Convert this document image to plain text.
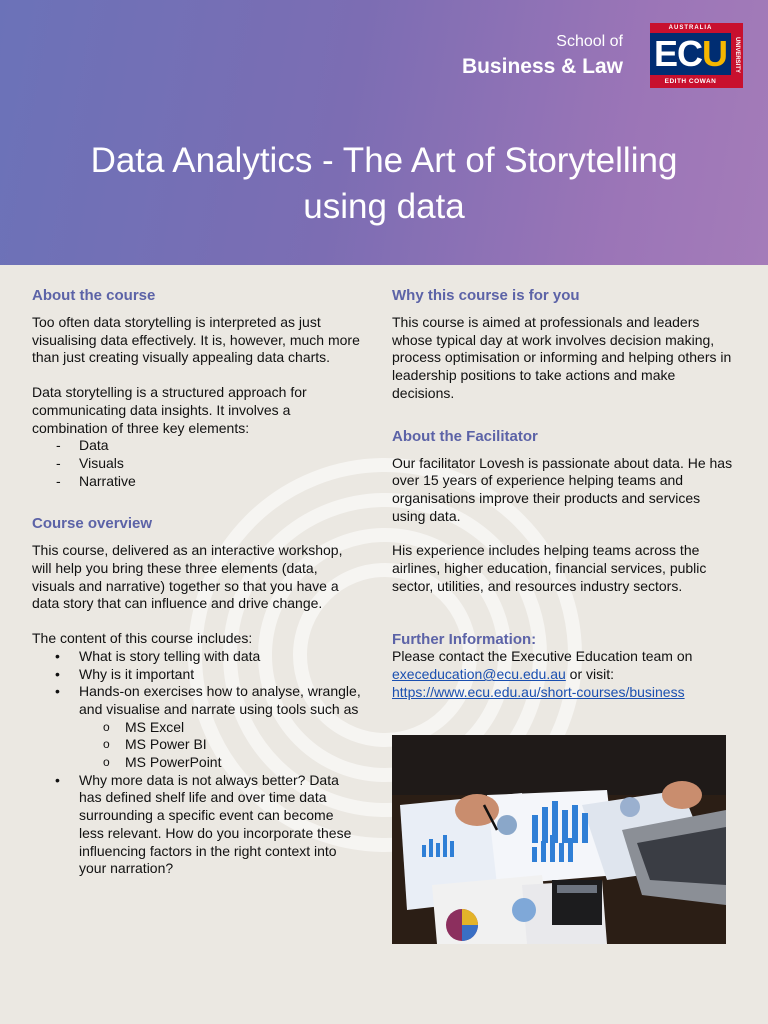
School of
Business & Law
AUSTRALIA
EC U
EDITH COWAN
UNIVERSITY
Data Analytics - The Art of Storytelling
using data
About the course

Too often data storytelling is interpreted as just visualising data effectively. It is, however, much more than just creating visually appealing data charts.

Data storytelling is a structured approach for communicating data insights. It involves a combination of three key elements:

- Data
- Visuals
- Narrative
Course overview

This course, delivered as an interactive workshop, will help you bring these three elements (data, visuals and narrative) together so that you have a data story that can influence and drive change.

The content of this course includes:

• What is story telling with data
• Why is it important
• Hands-on exercises how to analyse, wrangle, and visualise and narrate using tools such as
o MS Excel
o MS Power BI
o MS PowerPoint
• Why more data is not always better? Data has defined shelf life and over time data surrounding a specific event can become less relevant. How do you incorporate these influencing factors in the right context into your narration?
Why this course is for you

This course is aimed at professionals and leaders whose typical day at work involves decision making, process optimisation or informing and helping others in leadership positions to take actions and make decisions.

About the Facilitator

Our facilitator Lovesh is passionate about data. He has over 15 years of experience helping teams and organisations improve their products and services using data.

His experience includes helping teams across the airlines, higher education, financial services, public sector, utilities, and resources industry sectors.

Further Information:

Please contact the Executive Education team on
execeducation@ecu.edu.au or visit:
https://www.ecu.edu.au/short-courses/business
